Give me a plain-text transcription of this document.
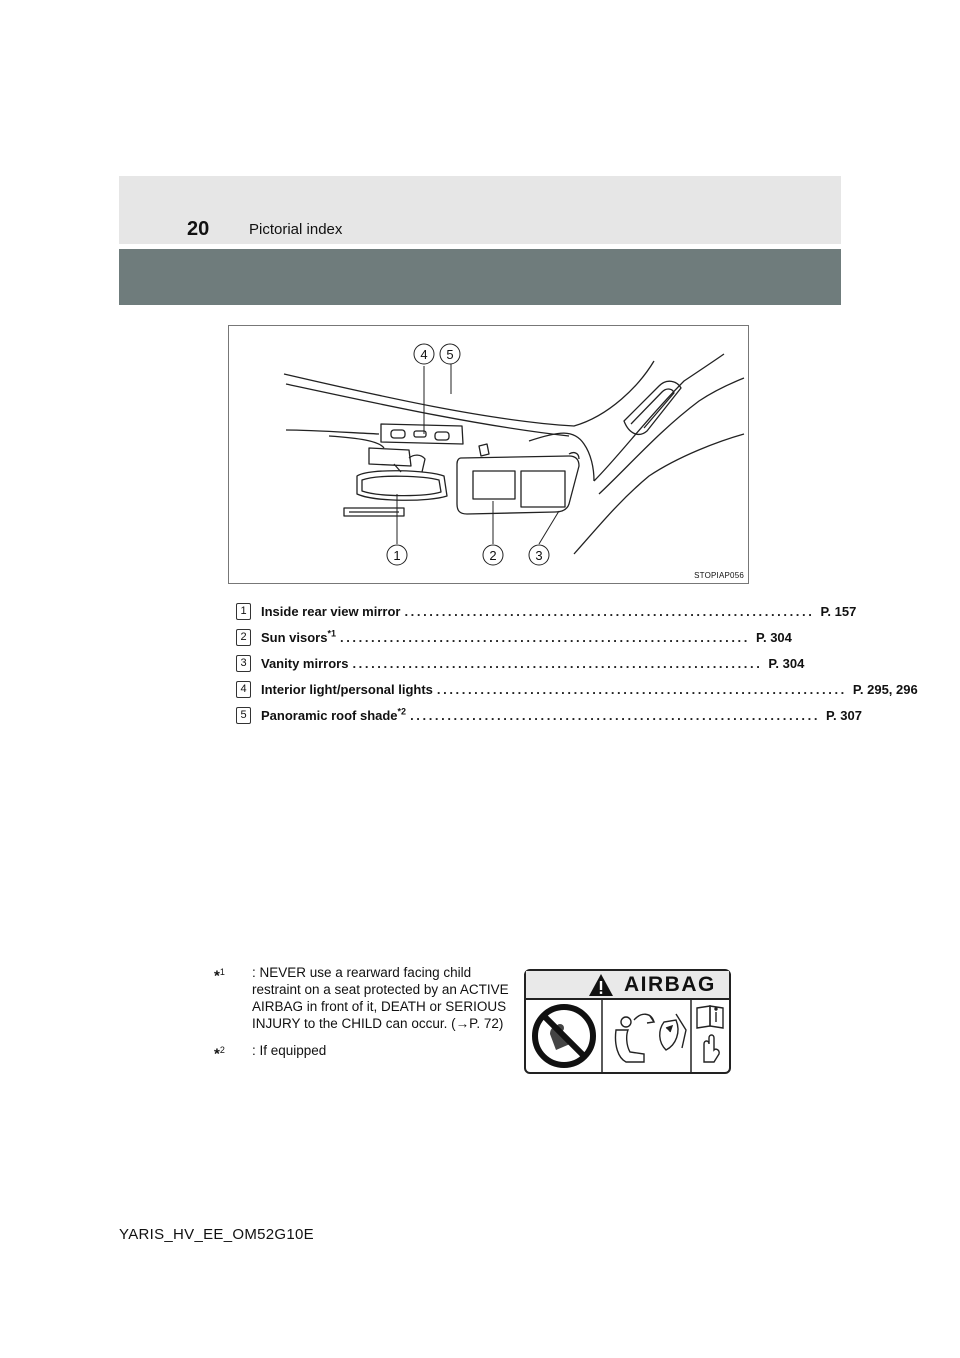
20	Pictorial index
4 5
1	2	3
STOPIAP056
1	Inside rear view mirror .................................................................. P. 157
2	Sun visors$^{*1}$ .................................................................. P. 304
3	Vanity mirrors .................................................................. P. 304
4	Interior light/personal lights .................................................................. P. 295, 296
5	Panoramic roof shade$^{*2}$ .................................................................. P. 307
*$^1$	: NEVER use a rearward facing child restraint on a seat protected by an ACTIVE AIRBAG in front of it, DEATH or SERIOUS INJURY to the CHILD can occur. (→P. 72)
*$^2$	: If equipped
AIRBAG
YARIS_HV_EE_OM52G10E
